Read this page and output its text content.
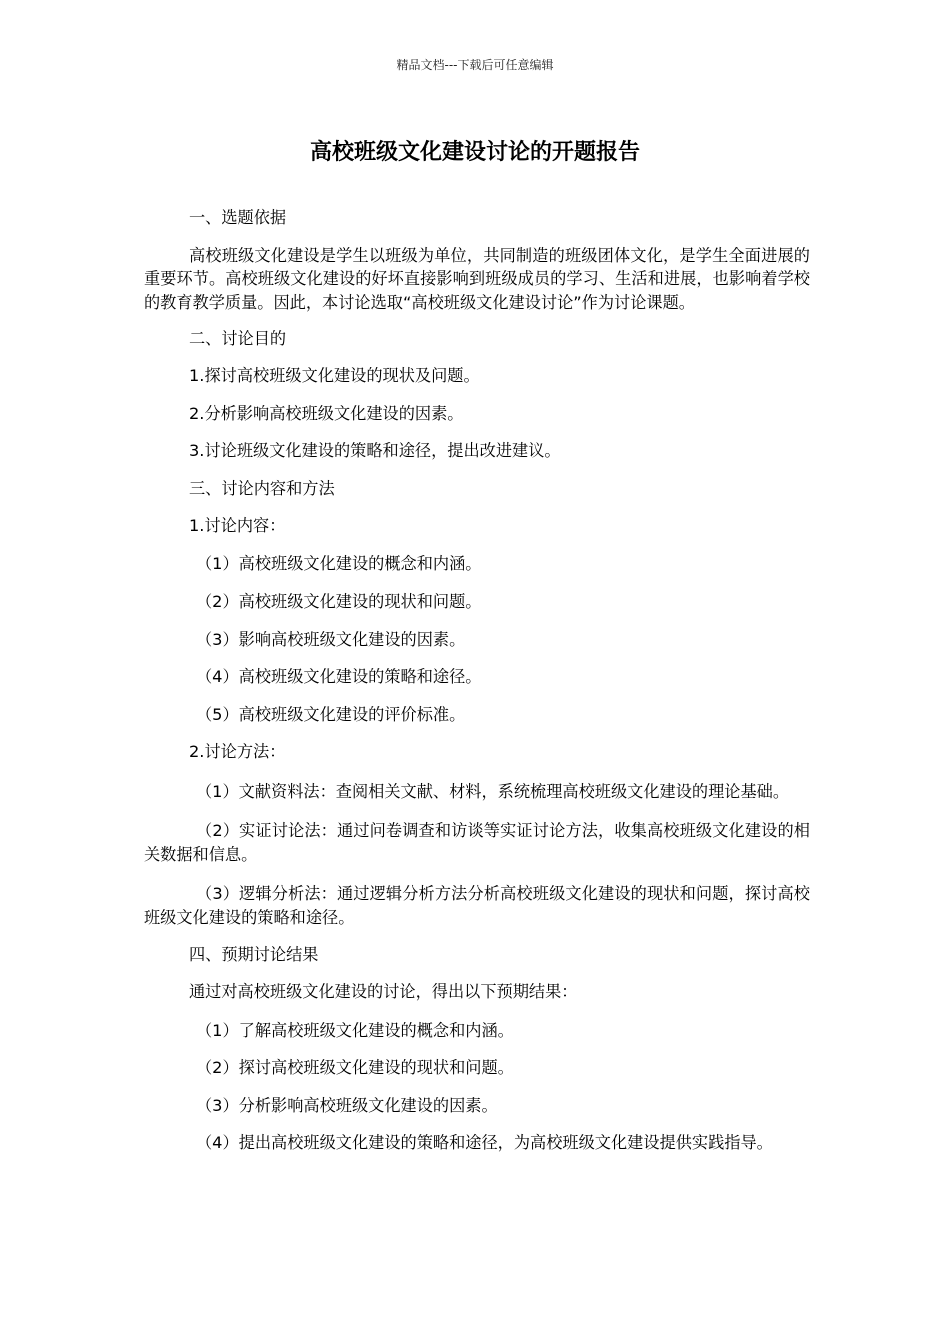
精品文档---下载后可任意编辑
高校班级文化建设讨论的开题报告

一、选题依据

高校班级文化建设是学生以班级为单位，共同制造的班级团体文化，是学生全面进展的重要环节。高校班级文化建设的好坏直接影响到班级成员的学习、生活和进展，也影响着学校的教育教学质量。因此，本讨论选取“高校班级文化建设讨论”作为讨论课题。

二、讨论目的

1.探讨高校班级文化建设的现状及问题。

2.分析影响高校班级文化建设的因素。

3.讨论班级文化建设的策略和途径，提出改进建议。

三、讨论内容和方法

1.讨论内容：

（1）高校班级文化建设的概念和内涵。

（2）高校班级文化建设的现状和问题。

（3）影响高校班级文化建设的因素。

（4）高校班级文化建设的策略和途径。

（5）高校班级文化建设的评价标准。

2.讨论方法：

（1）文献资料法：查阅相关文献、材料，系统梳理高校班级文化建设的理论基础。

（2）实证讨论法：通过问卷调查和访谈等实证讨论方法，收集高校班级文化建设的相关数据和信息。

（3）逻辑分析法：通过逻辑分析方法分析高校班级文化建设的现状和问题，探讨高校班级文化建设的策略和途径。

四、预期讨论结果

通过对高校班级文化建设的讨论，得出以下预期结果：

（1）了解高校班级文化建设的概念和内涵。

（2）探讨高校班级文化建设的现状和问题。

（3）分析影响高校班级文化建设的因素。

（4）提出高校班级文化建设的策略和途径，为高校班级文化建设提供实践指导。
